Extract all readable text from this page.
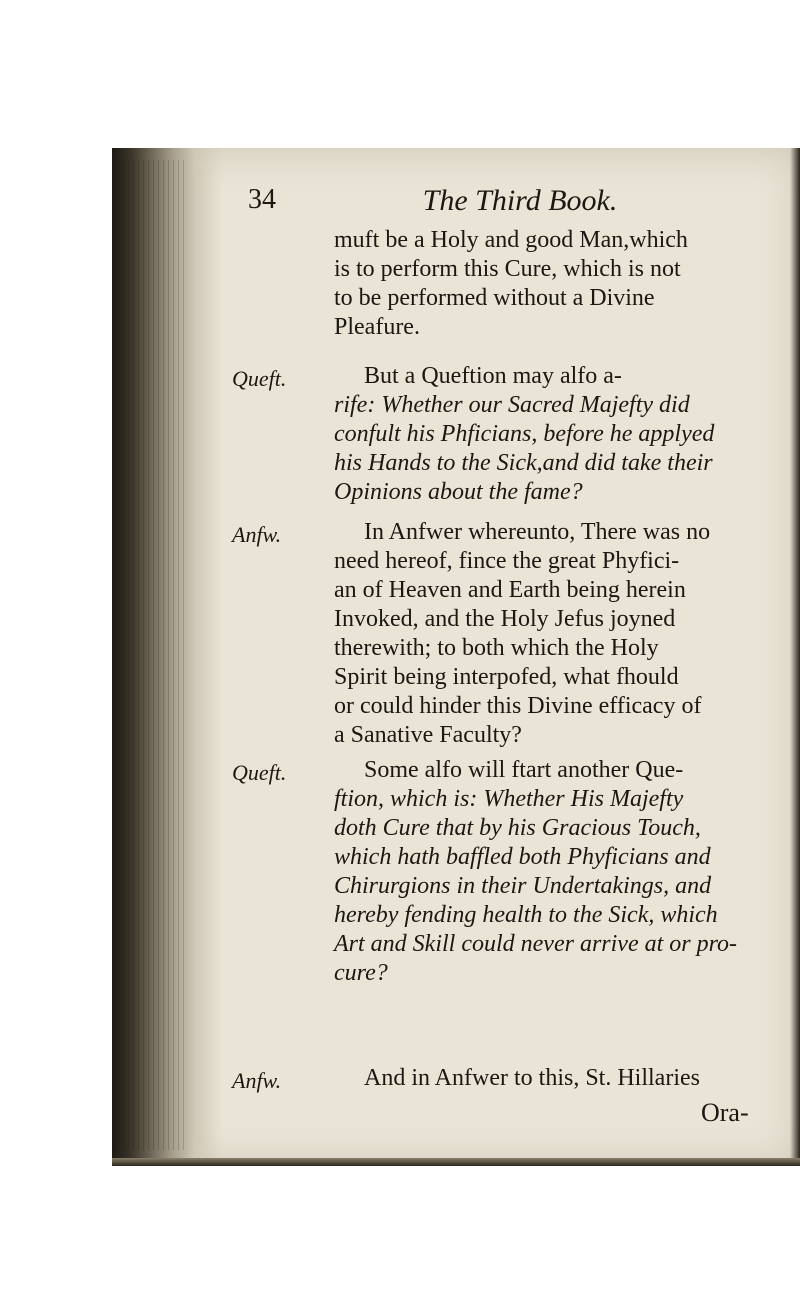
34	The Third Book.
muft be a Holy and good Man,which
is to perform this Cure, which is not
to be performed without a Divine
Pleafure.
Queft.	But a Queftion may alfo a-
rife: Whether our Sacred Majefty did
confult his Phficians, before he applyed
his Hands to the Sick,and did take their
Opinions about the fame?
Anfw.	In Anfwer whereunto, There was no
need hereof, fince the great Phyfici-
an of Heaven and Earth being herein
Invoked, and the Holy Jefus joyned
therewith; to both which the Holy
Spirit being interpofed, what fhould
or could hinder this Divine efficacy of
a Sanative Faculty?
Queft.	Some alfo will ftart another Que-
ftion, which is: Whether His Majefty
doth Cure that by his Gracious Touch,
which hath baffled both Phyficians and
Chirurgions in their Undertakings, and
hereby fending health to the Sick, which
Art and Skill could never arrive at or pro-
cure?
Anfw.	And in Anfwer to this, St. Hillaries
Ora-
